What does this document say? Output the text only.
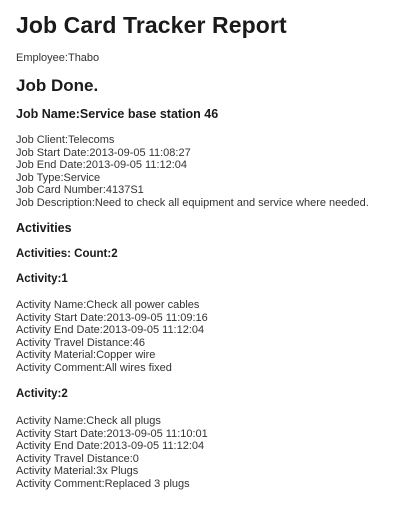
Job Card Tracker Report
Employee:Thabo
Job Done.
Job Name:Service base station 46
Job Client:Telecoms
Job Start Date:2013-09-05 11:08:27
Job End Date:2013-09-05 11:12:04
Job Type:Service
Job Card Number:4137S1
Job Description:Need to check all equipment and service where needed.
Activities
Activities: Count:2
Activity:1
Activity Name:Check all power cables
Activity Start Date:2013-09-05 11:09:16
Activity End Date:2013-09-05 11:12:04
Activity Travel Distance:46
Activity Material:Copper wire
Activity Comment:All wires fixed
Activity:2
Activity Name:Check all plugs
Activity Start Date:2013-09-05 11:10:01
Activity End Date:2013-09-05 11:12:04
Activity Travel Distance:0
Activity Material:3x Plugs
Activity Comment:Replaced 3 plugs
